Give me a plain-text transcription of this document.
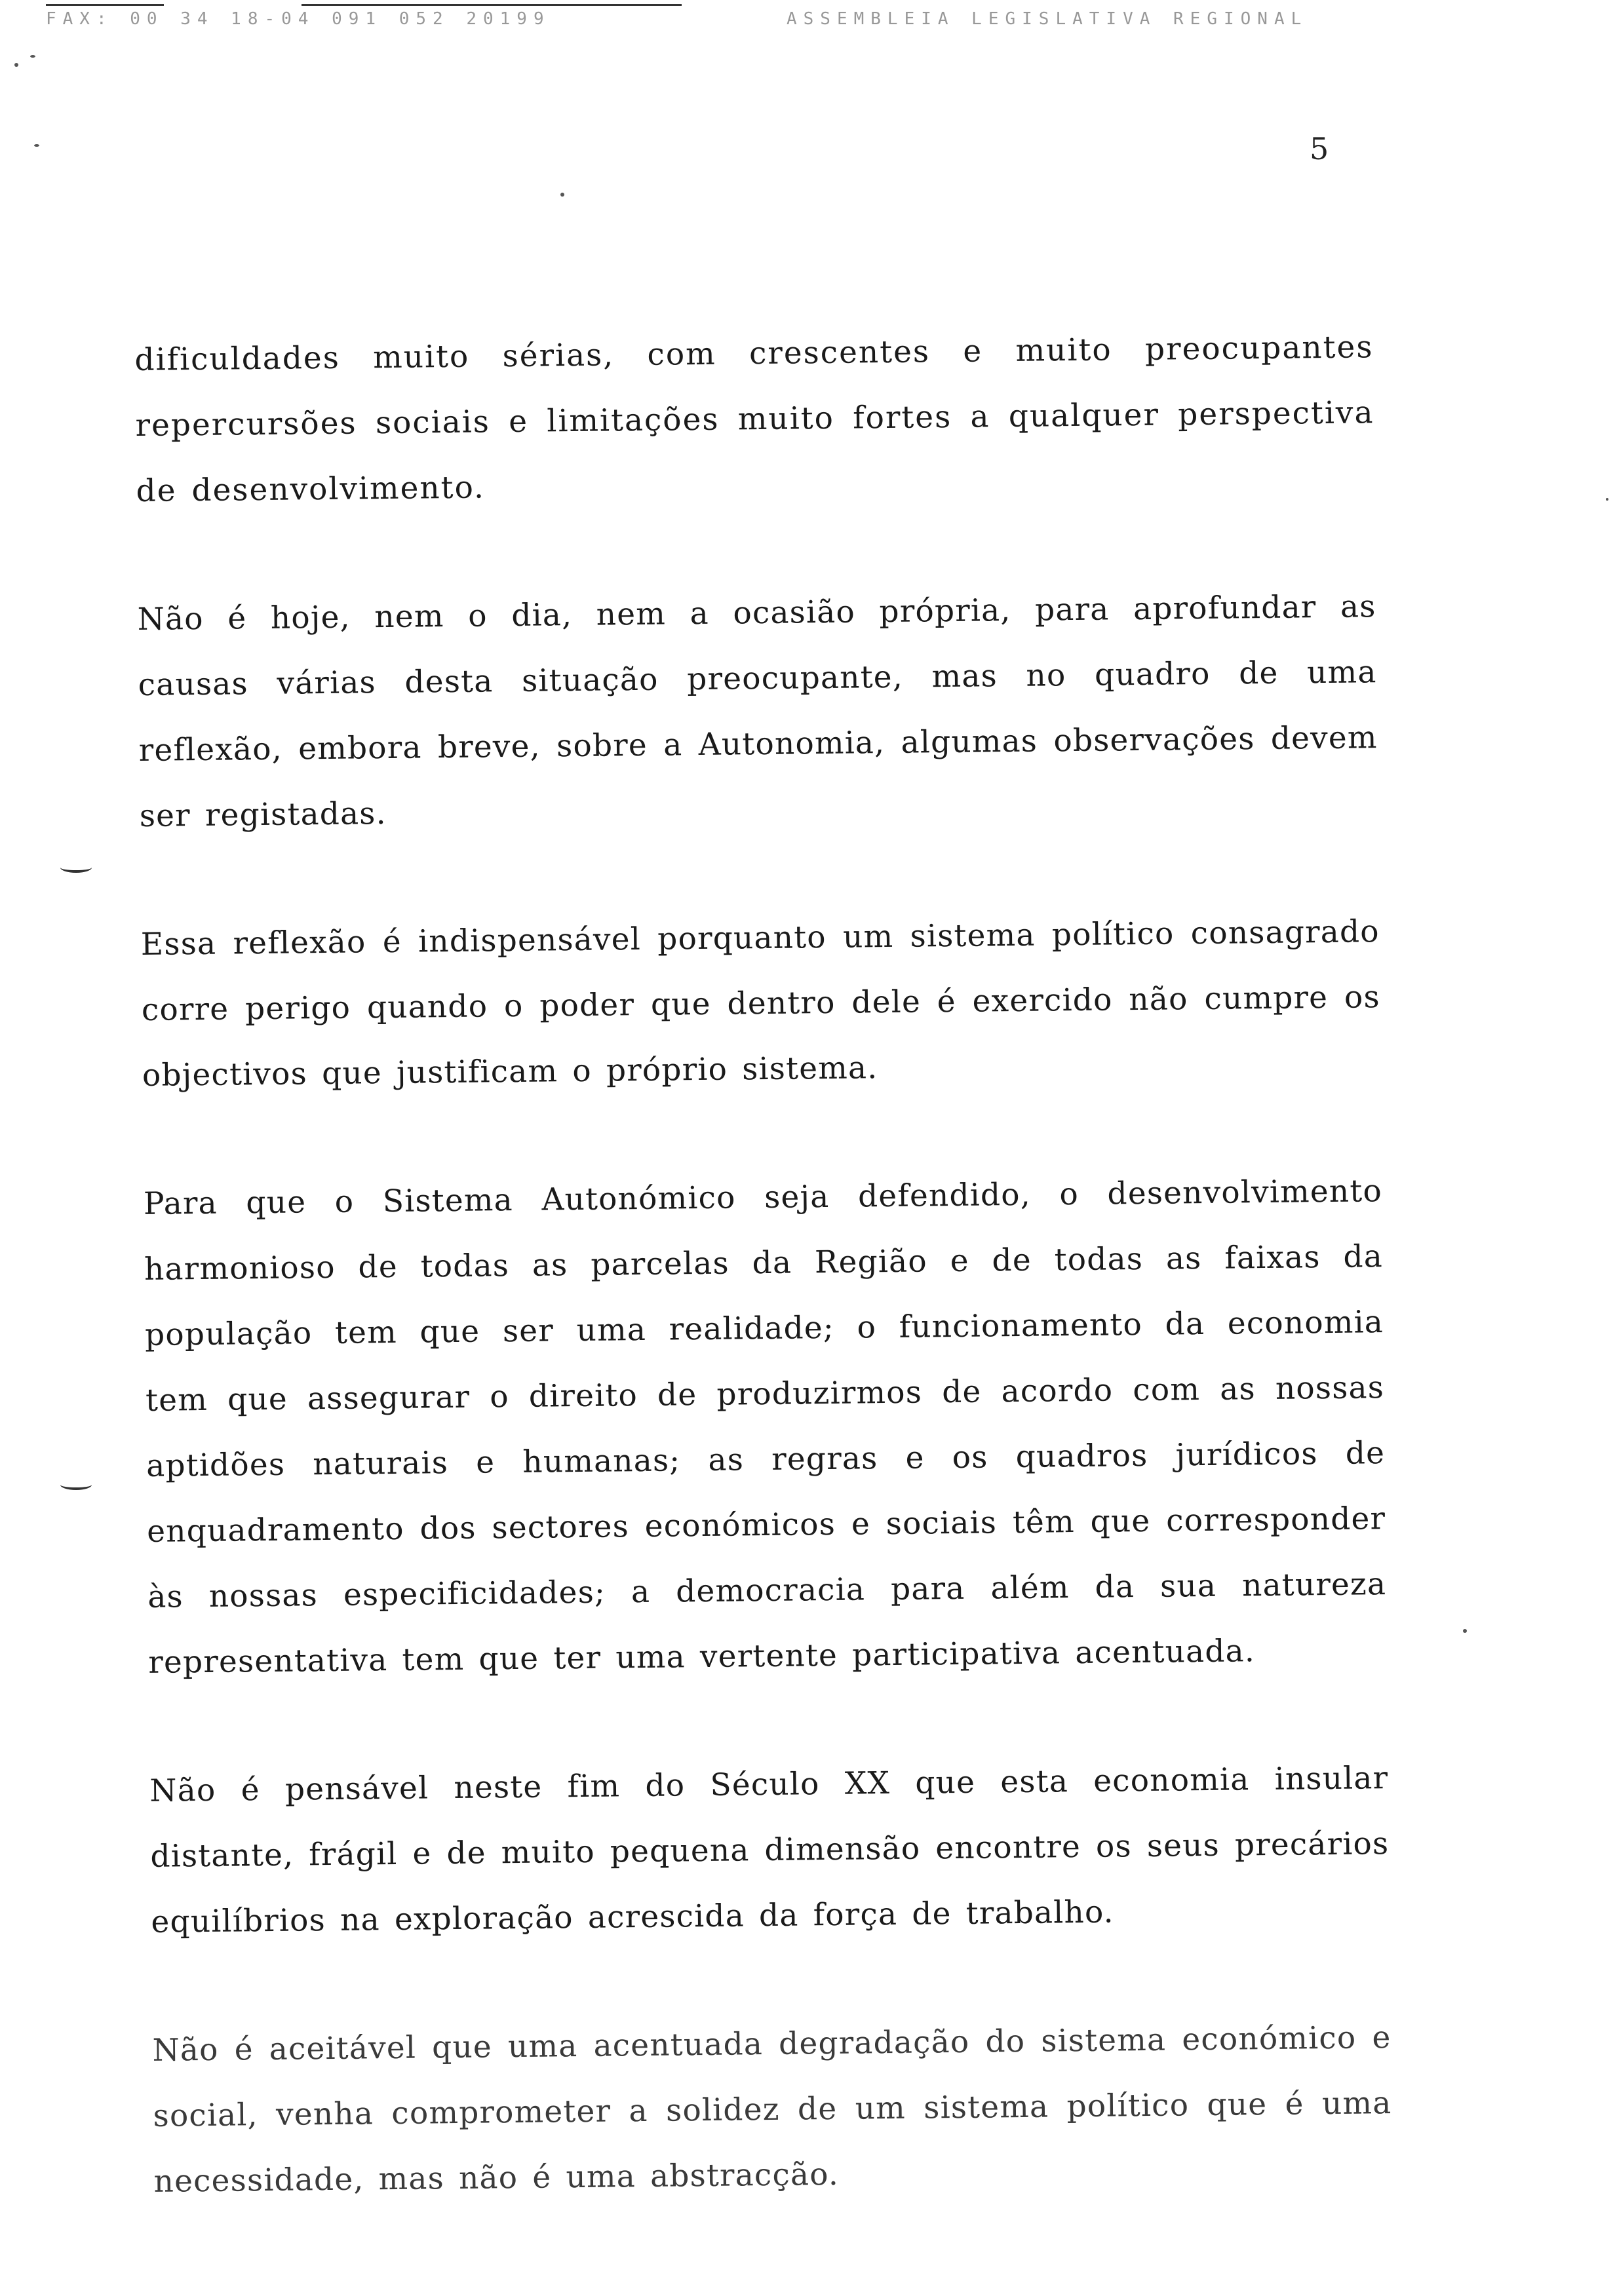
FAX: 00 34 18-04 091 052 20199	ASSEMBLEIA LEGISLATIVA REGIONAL
5

dificuldades muito sérias, com crescentes e muito preocupantes repercursões sociais e limitações muito fortes a qualquer perspectiva de desenvolvimento.

Não é hoje, nem o dia, nem a ocasião própria, para aprofundar as causas várias desta situação preocupante, mas no quadro de uma reflexão, embora breve, sobre a Autonomia, algumas observações devem ser registadas.

Essa reflexão é indispensável porquanto um sistema político consagrado corre perigo quando o poder que dentro dele é exercido não cumpre os objectivos que justificam o próprio sistema.

Para que o Sistema Autonómico seja defendido, o desenvolvimento harmonioso de todas as parcelas da Região e de todas as faixas da população tem que ser uma realidade; o funcionamento da economia tem que assegurar o direito de produzirmos de acordo com as nossas aptidões naturais e humanas; as regras e os quadros jurídicos de enquadramento dos sectores económicos e sociais têm que corresponder às nossas especificidades; a democracia para além da sua natureza representativa tem que ter uma vertente participativa acentuada.

Não é pensável neste fim do Século XX que esta economia insular distante, frágil e de muito pequena dimensão encontre os seus precários equilíbrios na exploração acrescida da força de trabalho.

Não é aceitável que uma acentuada degradação do sistema económico e social, venha comprometer a solidez de um sistema político que é uma necessidade, mas não é uma abstracção.
